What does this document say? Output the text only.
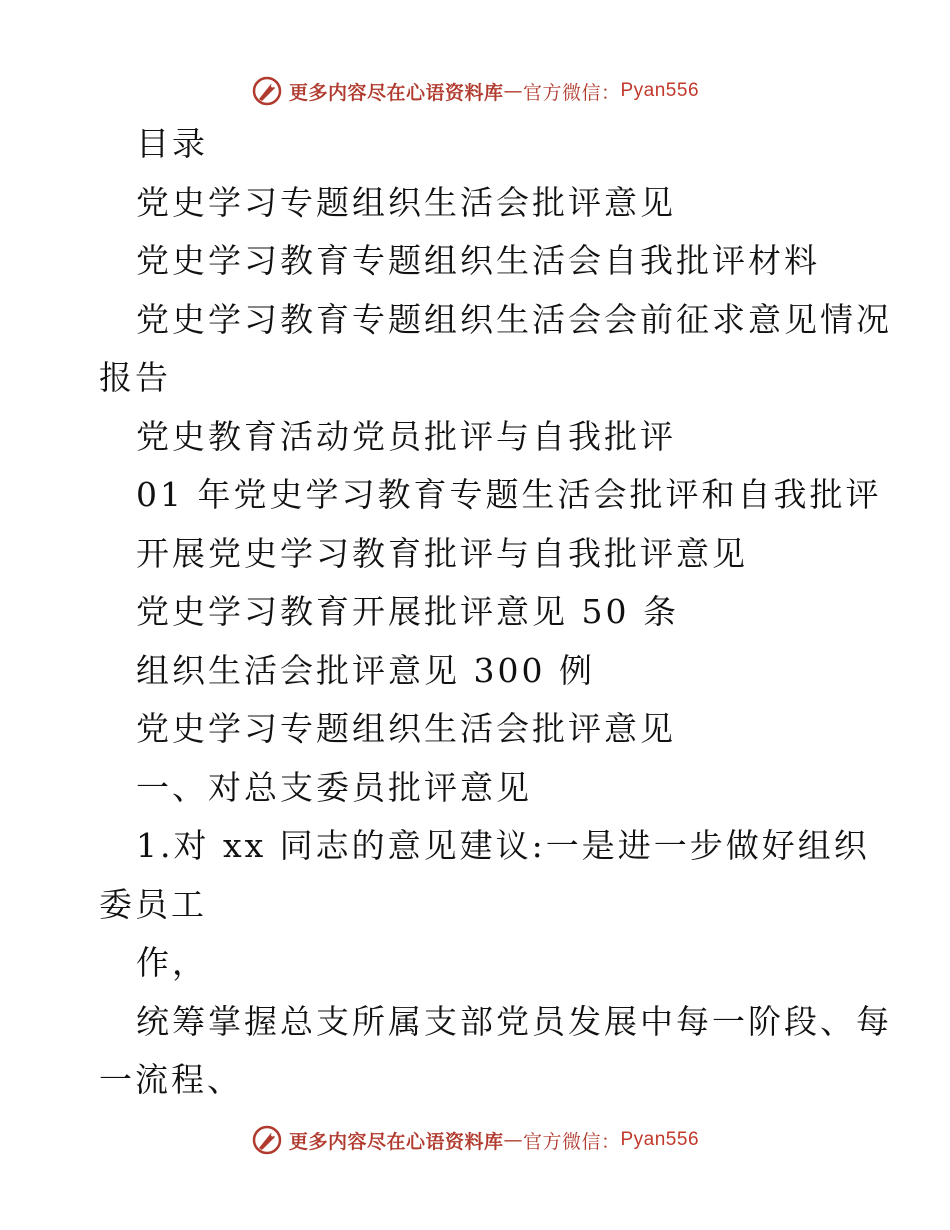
更多内容尽在心语资料库 — 官方微信： Pyan556
目录
党史学习专题组织生活会批评意见
党史学习教育专题组织生活会自我批评材料
党史学习教育专题组织生活会会前征求意见情况
报告
党史教育活动党员批评与自我批评
01 年党史学习教育专题生活会批评和自我批评
开展党史学习教育批评与自我批评意见
党史学习教育开展批评意见 50 条
组织生活会批评意见 300 例
党史学习专题组织生活会批评意见
一、对总支委员批评意见
1.对 xx 同志的意见建议:一是进一步做好组织
委员工
作，
统筹掌握总支所属支部党员发展中每一阶段、每
一流程、
更多内容尽在心语资料库 — 官方微信： Pyan556
